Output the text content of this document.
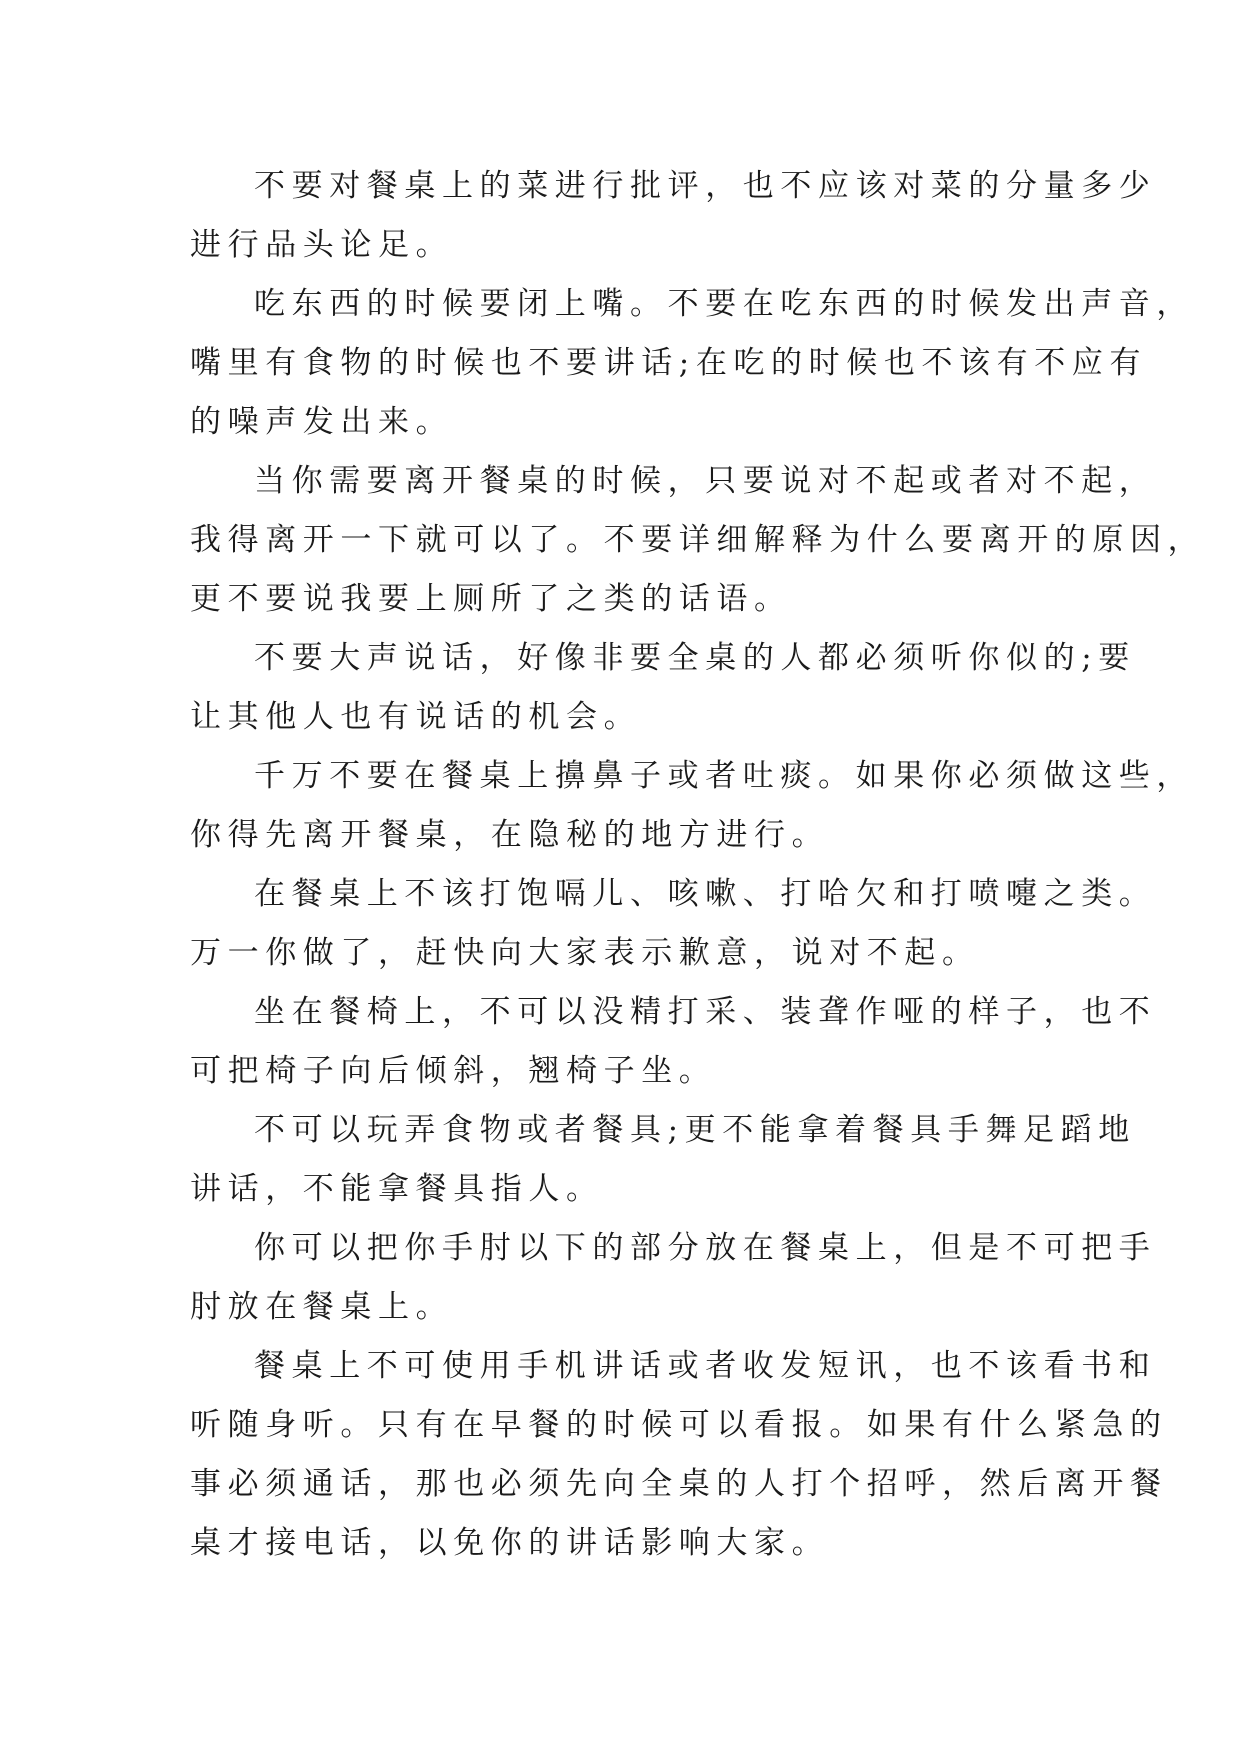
不要对餐桌上的菜进行批评，也不应该对菜的分量多少
进行品头论足。

吃东西的时候要闭上嘴。不要在吃东西的时候发出声音，
嘴里有食物的时候也不要讲话;在吃的时候也不该有不应有
的噪声发出来。

当你需要离开餐桌的时候，只要说对不起或者对不起，
我得离开一下就可以了。不要详细解释为什么要离开的原因，
更不要说我要上厕所了之类的话语。

不要大声说话，好像非要全桌的人都必须听你似的;要
让其他人也有说话的机会。

千万不要在餐桌上擤鼻子或者吐痰。如果你必须做这些，
你得先离开餐桌，在隐秘的地方进行。

在餐桌上不该打饱嗝儿、咳嗽、打哈欠和打喷嚏之类。
万一你做了，赶快向大家表示歉意，说对不起。

坐在餐椅上，不可以没精打采、装聋作哑的样子，也不
可把椅子向后倾斜，翘椅子坐。

不可以玩弄食物或者餐具;更不能拿着餐具手舞足蹈地
讲话，不能拿餐具指人。

你可以把你手肘以下的部分放在餐桌上，但是不可把手
肘放在餐桌上。

餐桌上不可使用手机讲话或者收发短讯，也不该看书和
听随身听。只有在早餐的时候可以看报。如果有什么紧急的
事必须通话，那也必须先向全桌的人打个招呼，然后离开餐
桌才接电话，以免你的讲话影响大家。
